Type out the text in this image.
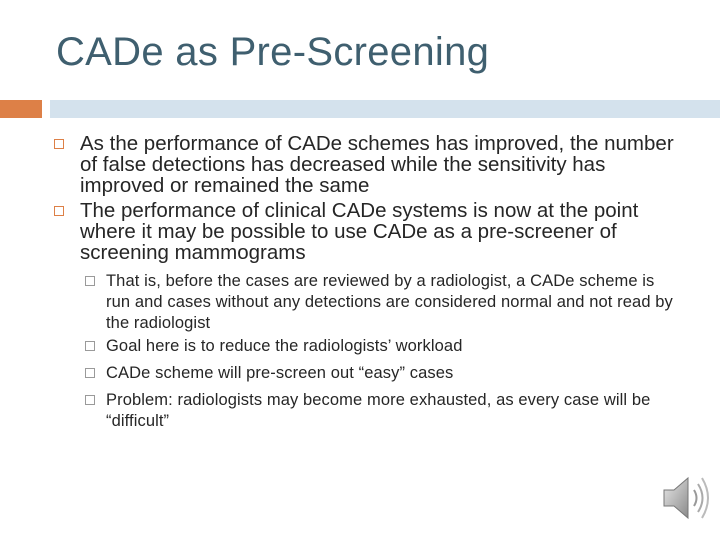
CADe as Pre-Screening
As the performance of CADe schemes has improved, the number of false detections has decreased while the sensitivity has improved or remained the same
The performance of clinical CADe systems is now at the point where it may be possible to use CADe as a pre-screener of screening mammograms
That is, before the cases are reviewed by a radiologist, a CADe scheme is run and cases without any detections are considered normal and not read by the radiologist
Goal here is to reduce the radiologists’ workload
CADe scheme will pre-screen out “easy” cases
Problem: radiologists may become more exhausted, as every case will be “difficult”
